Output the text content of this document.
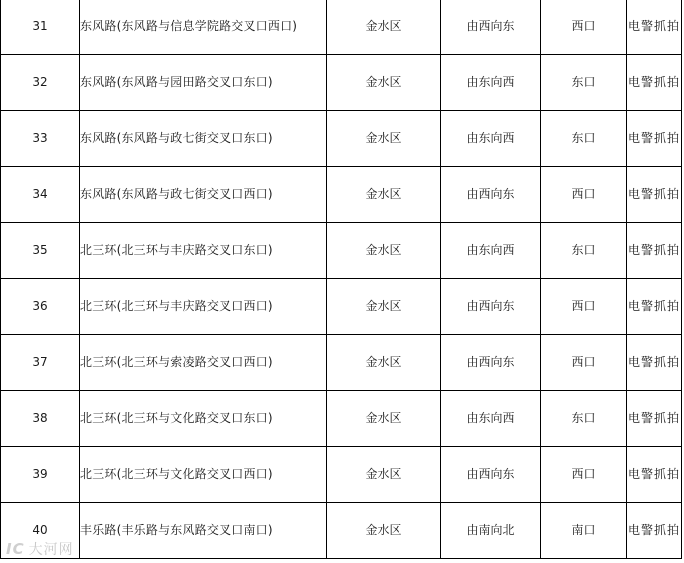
31	东风路(东风路与信息学院路交叉口西口)	金水区	由西向东	西口	电警抓拍
32	东风路(东风路与园田路交叉口东口)	金水区	由东向西	东口	电警抓拍
33	东风路(东风路与政七街交叉口东口)	金水区	由东向西	东口	电警抓拍
34	东风路(东风路与政七街交叉口西口)	金水区	由西向东	西口	电警抓拍
35	北三环(北三环与丰庆路交叉口东口)	金水区	由东向西	东口	电警抓拍
36	北三环(北三环与丰庆路交叉口西口)	金水区	由西向东	西口	电警抓拍
37	北三环(北三环与索凌路交叉口西口)	金水区	由西向东	西口	电警抓拍
38	北三环(北三环与文化路交叉口东口)	金水区	由东向西	东口	电警抓拍
39	北三环(北三环与文化路交叉口西口)	金水区	由西向东	西口	电警抓拍
40	丰乐路(丰乐路与东风路交叉口南口)	金水区	由南向北	南口	电警抓拍
IC 大河网
